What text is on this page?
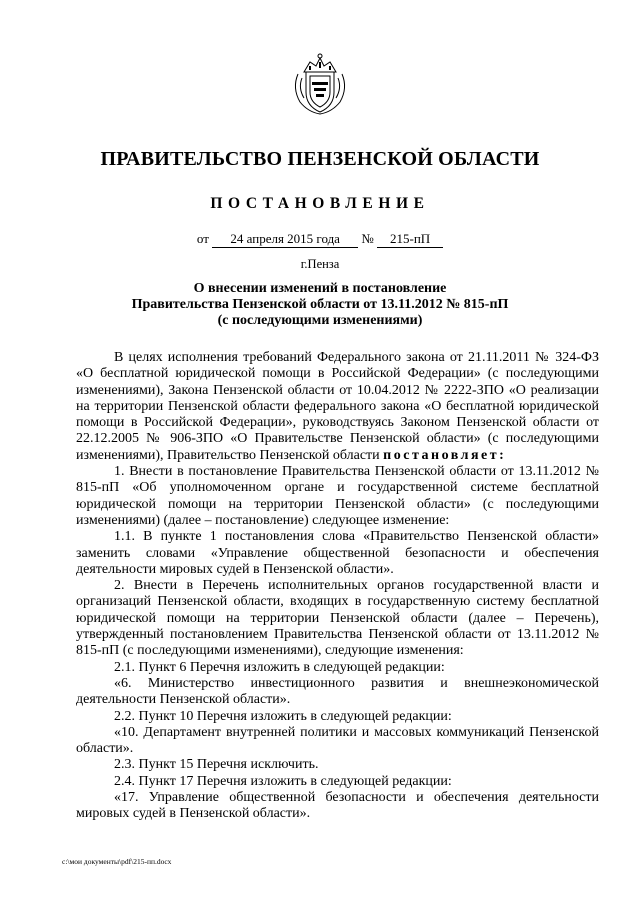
ПРАВИТЕЛЬСТВО ПЕНЗЕНСКОЙ ОБЛАСТИ
ПОСТАНОВЛЕНИЕ
от 24 апреля 2015 года № 215-пП
г.Пенза
О внесении изменений в постановление
Правительства Пензенской области от 13.11.2012 № 815-пП
(с последующими изменениями)

В целях исполнения требований Федерального закона от 21.11.2011 № 324-ФЗ «О бесплатной юридической помощи в Российской Федерации» (с последующими изменениями), Закона Пензенской области от 10.04.2012 № 2222-ЗПО «О реализации на территории Пензенской области федерального закона «О бесплатной юридической помощи в Российской Федерации», руководствуясь Законом Пензенской области от 22.12.2005 № 906-ЗПО «О Правительстве Пензенской области» (с последующими изменениями), Правительство Пензенской области постановляет:

1. Внести в постановление Правительства Пензенской области от 13.11.2012 № 815-пП «Об уполномоченном органе и государственной системе бесплатной юридической помощи на территории Пензенской области» (с последующими изменениями) (далее – постановление) следующее изменение:

1.1. В пункте 1 постановления слова «Правительство Пензенской области» заменить словами «Управление общественной безопасности и обеспечения деятельности мировых судей в Пензенской области».

2. Внести в Перечень исполнительных органов государственной власти и организаций Пензенской области, входящих в государственную систему бесплатной юридической помощи на территории Пензенской области (далее – Перечень), утвержденный постановлением Правительства Пензенской области от 13.11.2012 № 815-пП (с последующими изменениями), следующие изменения:

2.1. Пункт 6 Перечня изложить в следующей редакции:

«6. Министерство инвестиционного развития и внешнеэкономической деятельности Пензенской области».

2.2. Пункт 10 Перечня изложить в следующей редакции:

«10. Департамент внутренней политики и массовых коммуникаций Пензенской области».

2.3. Пункт 15 Перечня исключить.

2.4. Пункт 17 Перечня изложить в следующей редакции:

«17. Управление общественной безопасности и обеспечения деятельности мировых судей в Пензенской области».

c:\мои документы\pdf\215-пп.docx
